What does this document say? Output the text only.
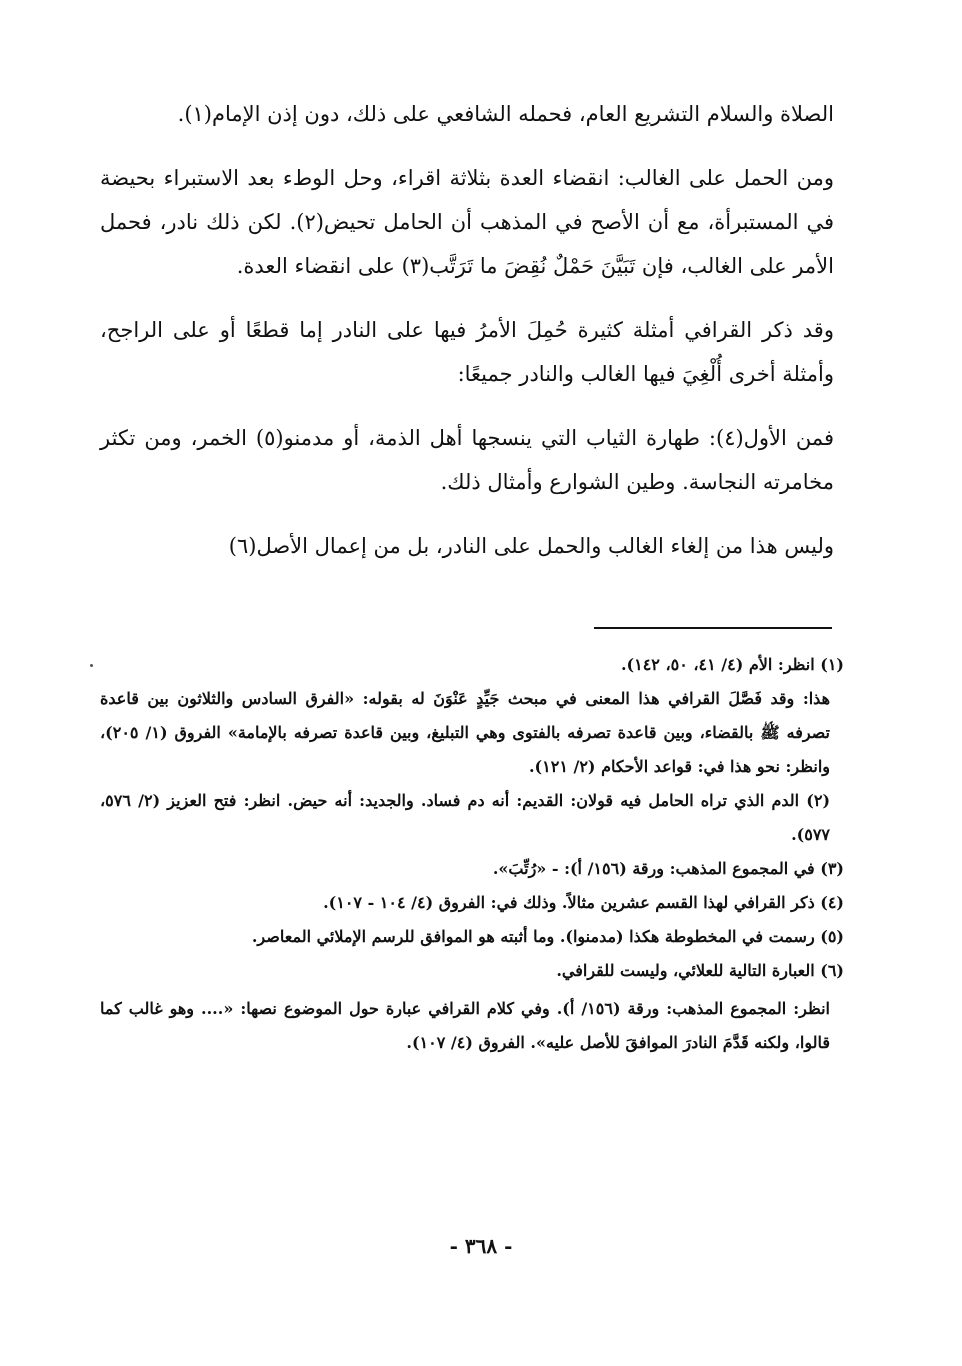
الصلاة والسلام التشريع العام، فحمله الشافعي على ذلك، دون إذن الإمام(١).

ومن الحمل على الغالب: انقضاء العدة بثلاثة اقراء، وحل الوطء بعد الاستبراء بحيضة في المستبرأة، مع أن الأصح في المذهب أن الحامل تحيض(٢). لكن ذلك نادر، فحمل الأمر على الغالب، فإن تَبَيَّنَ حَمْلٌ نُقِضَ ما تَرَتَّب(٣) على انقضاء العدة.

وقد ذكر القرافي أمثلة كثيرة حُمِلَ الأمرُ فيها على النادر إما قطعًا أو على الراجح، وأمثلة أخرى أُلْغِيَ فيها الغالب والنادر جميعًا:

فمن الأول(٤): طهارة الثياب التي ينسجها أهل الذمة، أو مدمنو(٥) الخمر، ومن تكثر مخامرته النجاسة. وطين الشوارع وأمثال ذلك.

وليس هذا من إلغاء الغالب والحمل على النادر، بل من إعمال الأصل(٦)

(١) انظر: الأم (٤/ ٤١، ٥٠، ١٤٢).

هذا: وقد فَصَّلَ القرافي هذا المعنى في مبحث جَيِّدٍ عَنْوَنَ له بقوله: «الفرق السادس والثلاثون بين قاعدة تصرفه ﷺ بالقضاء، وبين قاعدة تصرفه بالفتوى وهي التبليغ، وبين قاعدة تصرفه بالإمامة» الفروق (١/ ٢٠٥)، وانظر: نحو هذا في: قواعد الأحكام (٢/ ١٢١).

(٢) الدم الذي تراه الحامل فيه قولان: القديم: أنه دم فساد. والجديد: أنه حيض. انظر: فتح العزيز (٢/ ٥٧٦، ٥٧٧).

(٣) في المجموع المذهب: ورقة (١٥٦/ أ): - «رُتِّبَ».

(٤) ذكر القرافي لهذا القسم عشرين مثالاً. وذلك في: الفروق (٤/ ١٠٤ - ١٠٧).

(٥) رسمت في المخطوطة هكذا (مدمنوا). وما أثبته هو الموافق للرسم الإملائي المعاصر.

(٦) العبارة التالية للعلائي، وليست للقرافي.

انظر: المجموع المذهب: ورقة (١٥٦/ أ). وفي كلام القرافي عبارة حول الموضوع نصها: «.... وهو غالب كما قالوا، ولكنه قَدَّمَ النادرَ الموافقَ للأصل عليه». الفروق (٤/ ١٠٧).

- ٣٦٨ -
